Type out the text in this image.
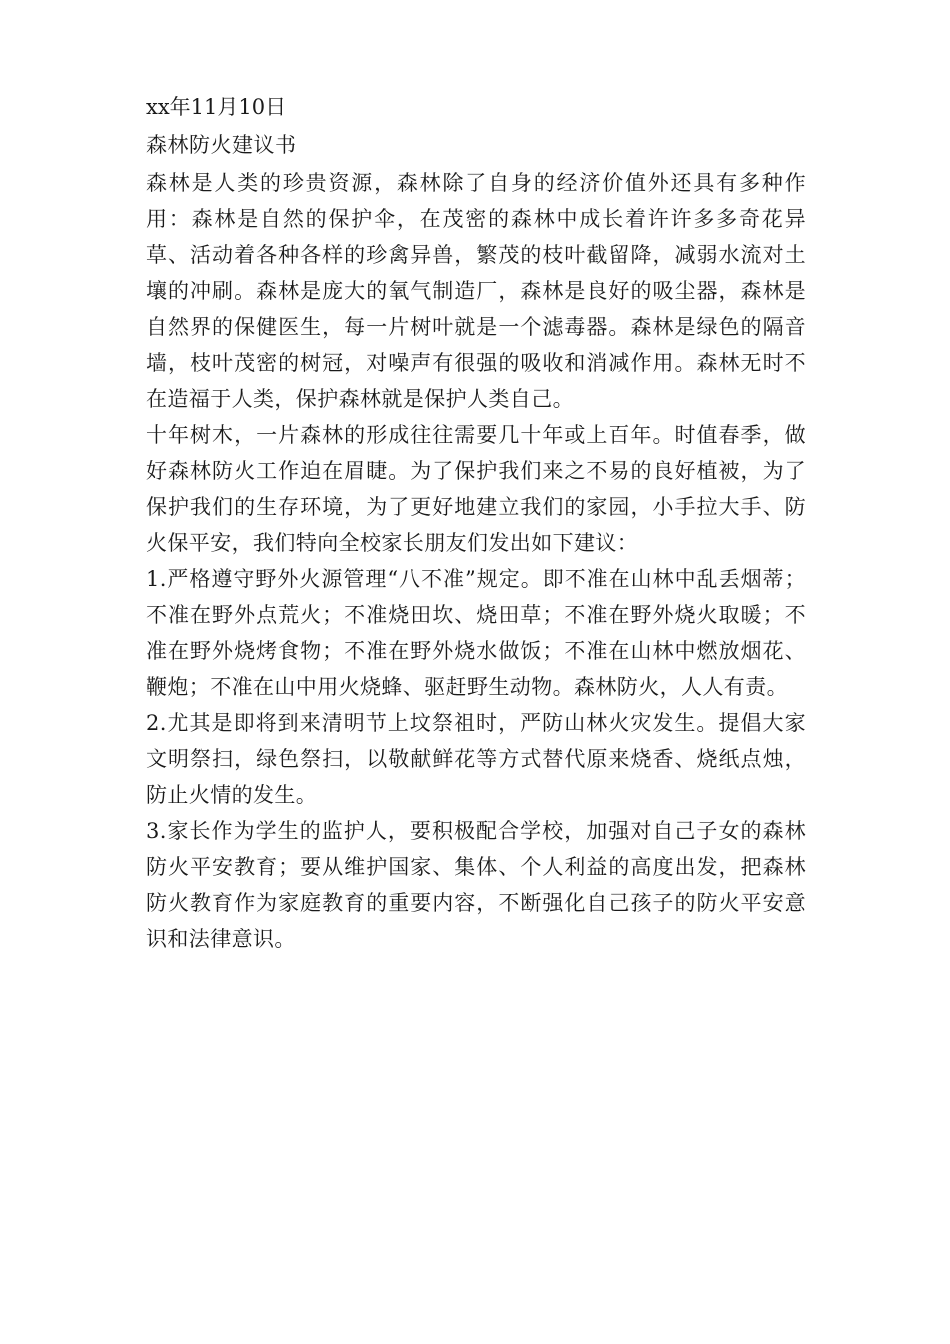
xx年11月10日

森林防火建议书

森林是人类的珍贵资源，森林除了自身的经济价值外还具有多种作用：森林是自然的保护伞，在茂密的森林中成长着许许多多奇花异草、活动着各种各样的珍禽异兽，繁茂的枝叶截留降，减弱水流对土壤的冲刷。森林是庞大的氧气制造厂，森林是良好的吸尘器，森林是自然界的保健医生，每一片树叶就是一个滤毒器。森林是绿色的隔音墙，枝叶茂密的树冠，对噪声有很强的吸收和消减作用。森林无时不在造福于人类，保护森林就是保护人类自己。

十年树木，一片森林的形成往往需要几十年或上百年。时值春季，做好森林防火工作迫在眉睫。为了保护我们来之不易的良好植被，为了保护我们的生存环境，为了更好地建立我们的家园，小手拉大手、防火保平安，我们特向全校家长朋友们发出如下建议：

1.严格遵守野外火源管理“八不准”规定。即不准在山林中乱丢烟蒂；不准在野外点荒火；不准烧田坎、烧田草；不准在野外烧火取暖；不准在野外烧烤食物；不准在野外烧水做饭；不准在山林中燃放烟花、鞭炮；不准在山中用火烧蜂、驱赶野生动物。森林防火，人人有责。

2.尤其是即将到来清明节上坟祭祖时，严防山林火灾发生。提倡大家文明祭扫，绿色祭扫，以敬献鲜花等方式替代原来烧香、烧纸点烛，防止火情的发生。

3.家长作为学生的监护人，要积极配合学校，加强对自己子女的森林防火平安教育；要从维护国家、集体、个人利益的高度出发，把森林防火教育作为家庭教育的重要内容，不断强化自己孩子的防火平安意识和法律意识。
